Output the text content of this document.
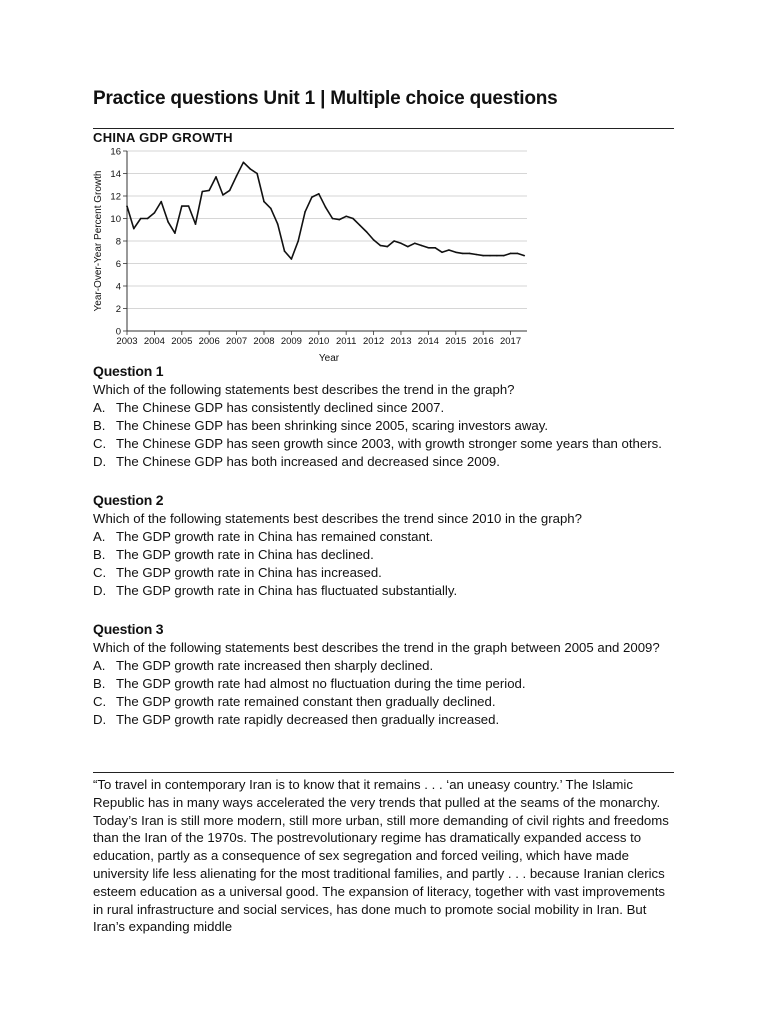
Practice questions Unit 1 | Multiple choice questions
CHINA GDP GROWTH
0
2
4
6
8
10
12
14
16
2003 2004 2005 2006 2007 2008 2009 2010 2011 2012 2013 2014 2015 2016 2017
Year
Year-Over-Year Percent Growth
Question 1
Which of the following statements best describes the trend in the graph?
A. The Chinese GDP has consistently declined since 2007.
B. The Chinese GDP has been shrinking since 2005, scaring investors away.
C. The Chinese GDP has seen growth since 2003, with growth stronger some years than others.
D. The Chinese GDP has both increased and decreased since 2009.
Question 2
Which of the following statements best describes the trend since 2010 in the graph?
A. The GDP growth rate in China has remained constant.
B. The GDP growth rate in China has declined.
C. The GDP growth rate in China has increased.
D. The GDP growth rate in China has fluctuated substantially.
Question 3
Which of the following statements best describes the trend in the graph between 2005 and 2009?
A. The GDP growth rate increased then sharply declined.
B. The GDP growth rate had almost no fluctuation during the time period.
C. The GDP growth rate remained constant then gradually declined.
D. The GDP growth rate rapidly decreased then gradually increased.
“To travel in contemporary Iran is to know that it remains . . . ‘an uneasy country.’ The Islamic Republic has in many ways accelerated the very trends that pulled at the seams of the monarchy. Today’s Iran is still more modern, still more urban, still more demanding of civil rights and freedoms than the Iran of the 1970s. The postrevolutionary regime has dramatically expanded access to education, partly as a consequence of sex segregation and forced veiling, which have made university life less alienating for the most traditional families, and partly . . . because Iranian clerics esteem education as a universal good. The expansion of literacy, together with vast improvements in rural infrastructure and social services, has done much to promote social mobility in Iran. But Iran’s expanding middle
